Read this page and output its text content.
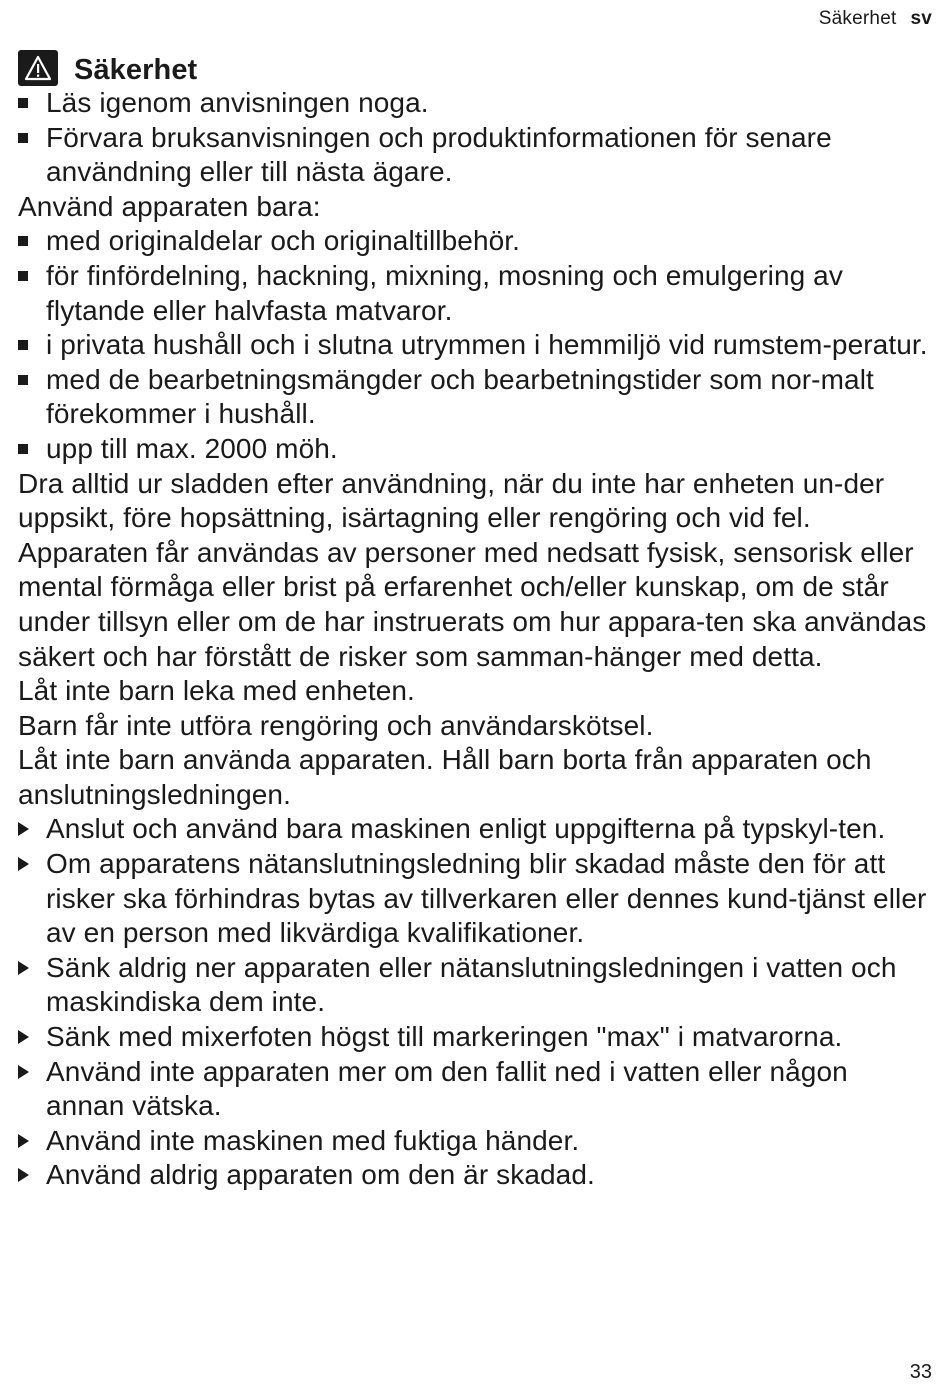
Säkerhet sv
Säkerhet
Läs igenom anvisningen noga.
Förvara bruksanvisningen och produktinformationen för senare användning eller till nästa ägare.

Använd apparaten bara:

med originaldelar och originaltillbehör.
för finfördelning, hackning, mixning, mosning och emulgering av flytande eller halvfasta matvaror.
i privata hushåll och i slutna utrymmen i hemmiljö vid rumstem-peratur.
med de bearbetningsmängder och bearbetningstider som nor-malt förekommer i hushåll.
upp till max. 2000 möh.

Dra alltid ur sladden efter användning, när du inte har enheten un-der uppsikt, före hopsättning, isärtagning eller rengöring och vid fel.

Apparaten får användas av personer med nedsatt fysisk, sensorisk eller mental förmåga eller brist på erfarenhet och/eller kunskap, om de står under tillsyn eller om de har instruerats om hur appara-ten ska användas säkert och har förstått de risker som samman-hänger med detta.

Låt inte barn leka med enheten.

Barn får inte utföra rengöring och användarskötsel.

Låt inte barn använda apparaten. Håll barn borta från apparaten och anslutningsledningen.

Anslut och använd bara maskinen enligt uppgifterna på typskyl-ten.
Om apparatens nätanslutningsledning blir skadad måste den för att risker ska förhindras bytas av tillverkaren eller dennes kund-tjänst eller av en person med likvärdiga kvalifikationer.
Sänk aldrig ner apparaten eller nätanslutningsledningen i vatten och maskindiska dem inte.
Sänk med mixerfoten högst till markeringen "max" i matvarorna.
Använd inte apparaten mer om den fallit ned i vatten eller någon annan vätska.
Använd inte maskinen med fuktiga händer.
Använd aldrig apparaten om den är skadad.
33
